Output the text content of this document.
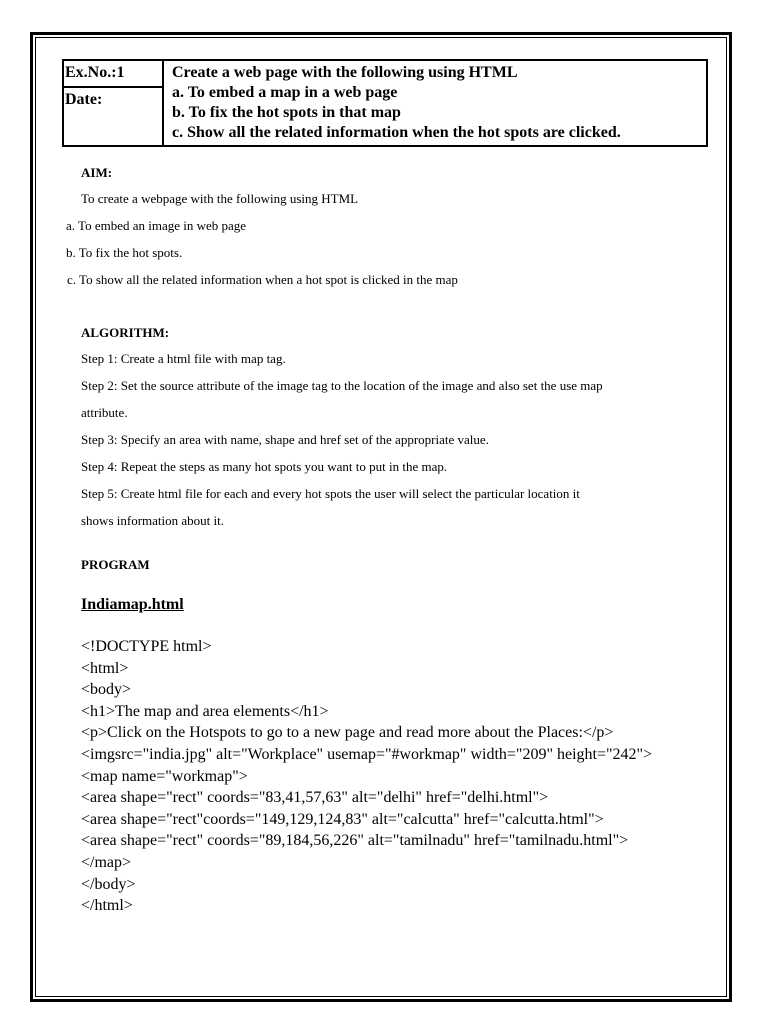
Ex.No.:1
Date:
Create a web page with the following using HTML
a. To embed a map in a web page
b. To fix the hot spots in that map
c. Show all the related information when the hot spots are clicked.
AIM:
To create a webpage with the following using HTML
a. To embed an image in web page
b. To fix the hot spots.
c. To show all the related information when a hot spot is clicked in the map
ALGORITHM:
Step 1: Create a html file with map tag.
Step 2: Set the source attribute of the image tag to the location of the image and also set the use map
attribute.
Step 3: Specify an area with name, shape and href set of the appropriate value.
Step 4: Repeat the steps as many hot spots you want to put in the map.
Step 5: Create html file for each and every hot spots the user will select the particular location it
shows information about it.
PROGRAM
Indiamap.html
<!DOCTYPE html>
<html>
<body>
<h1>The map and area elements</h1>
<p>Click on the Hotspots to go to a new page and read more about the Places:</p>
<imgsrc="india.jpg" alt="Workplace" usemap="#workmap" width="209" height="242">
<map name="workmap">
<area shape="rect" coords="83,41,57,63" alt="delhi" href="delhi.html">
<area shape="rect"coords="149,129,124,83" alt="calcutta" href="calcutta.html">
<area shape="rect" coords="89,184,56,226" alt="tamilnadu" href="tamilnadu.html">
</map>
</body>
</html>
